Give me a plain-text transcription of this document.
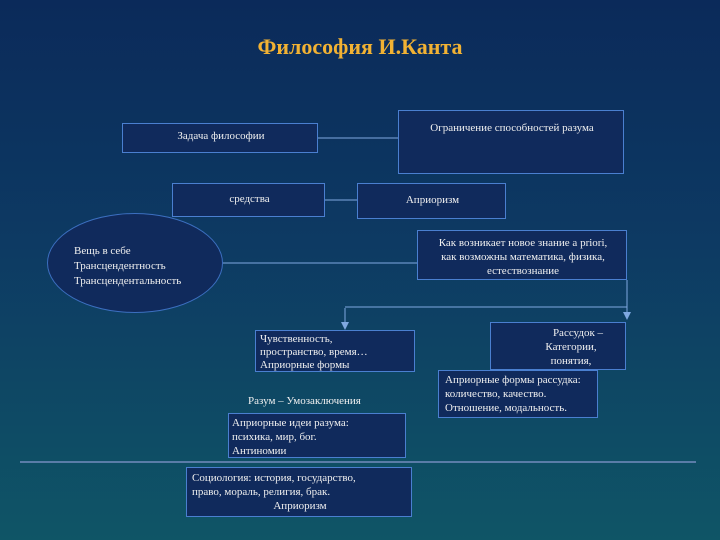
Философия И.Канта
Задача философии
Ограничение способностей разума
средства	Априоризм
Как возникает новое знание a priori,
как возможны математика, физика,
естествознание
Вещь в себе
Трансцендентность
Трансцендентальность
Чувственность,
пространство, время…
Априорные формы
Рассудок –
Категории,
понятия,
Априорные формы рассудка:
количество, качество.
Отношение, модальность.
Разум – Умозаключения
Априорные идеи разума:
психика, мир, бог.
Антиномии
Социология: история, государство,
право, мораль, религия, брак.
Априоризм
